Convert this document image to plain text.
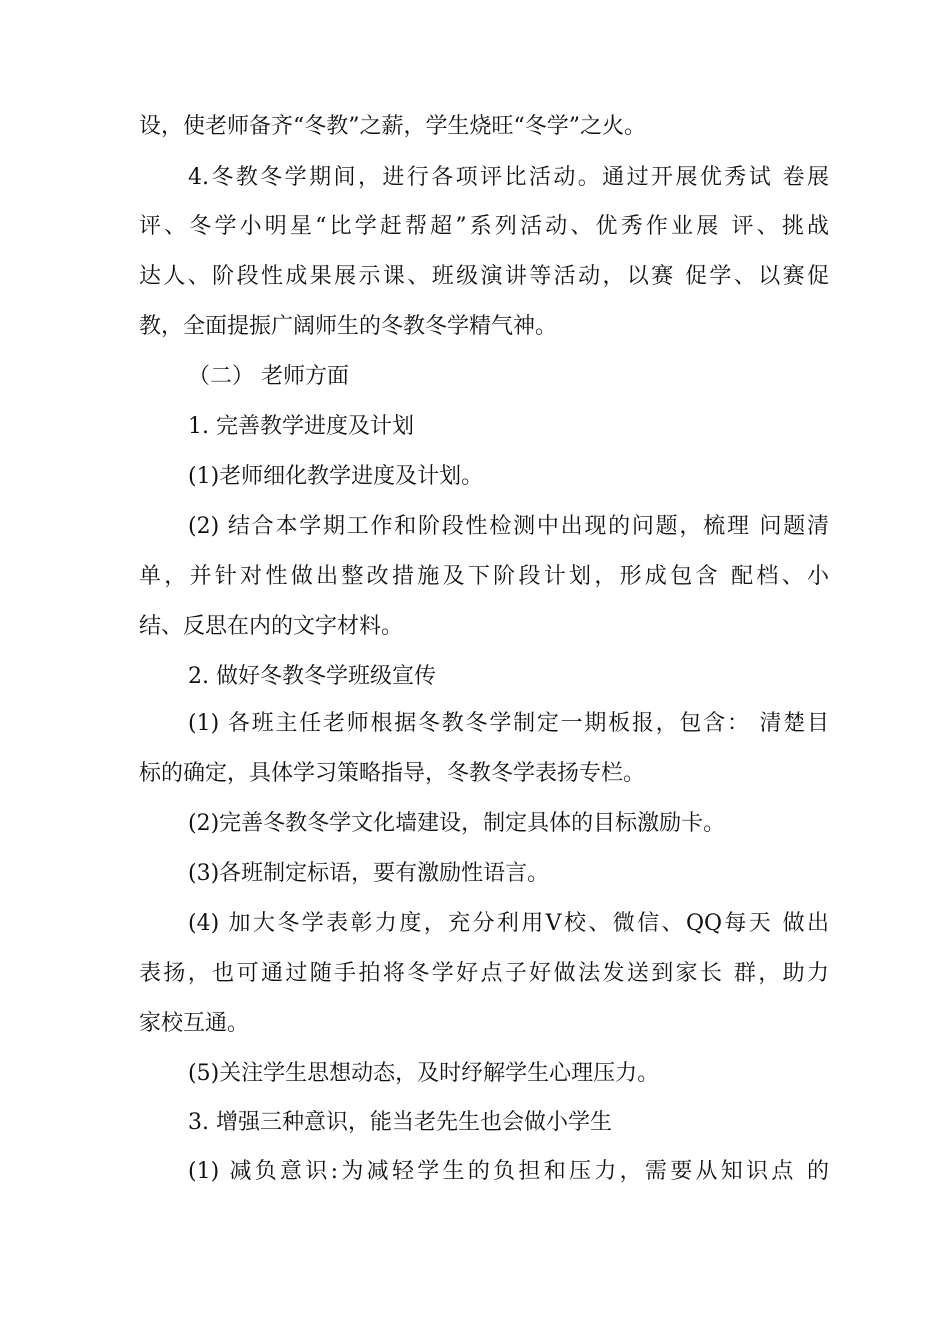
设，使老师备齐“冬教”之薪，学生烧旺“冬学”之火。
4.冬教冬学期间，进行各项评比活动。通过开展优秀试 卷展
评、冬学小明星“比学赶帮超”系列活动、优秀作业展 评、挑战
达人、阶段性成果展示课、班级演讲等活动，以赛 促学、以赛促
教，全面提振广阔师生的冬教冬学精气神。
（二） 老师方面
1. 完善教学进度及计划
(1)老师细化教学进度及计划。
(2) 结合本学期工作和阶段性检测中出现的问题，梳理 问题清
单，并针对性做出整改措施及下阶段计划，形成包含 配档、小
结、反思在内的文字材料。
2. 做好冬教冬学班级宣传
(1) 各班主任老师根据冬教冬学制定一期板报，包含： 清楚目
标的确定，具体学习策略指导，冬教冬学表扬专栏。
(2)完善冬教冬学文化墙建设，制定具体的目标激励卡。
(3)各班制定标语，要有激励性语言。
(4) 加大冬学表彰力度，充分利用V校、微信、QQ每天 做出
表扬，也可通过随手拍将冬学好点子好做法发送到家长 群，助力
家校互通。
(5)关注学生思想动态，及时纾解学生心理压力。
3. 增强三种意识，能当老先生也会做小学生
(1) 减负意识:为减轻学生的负担和压力，需要从知识点 的
